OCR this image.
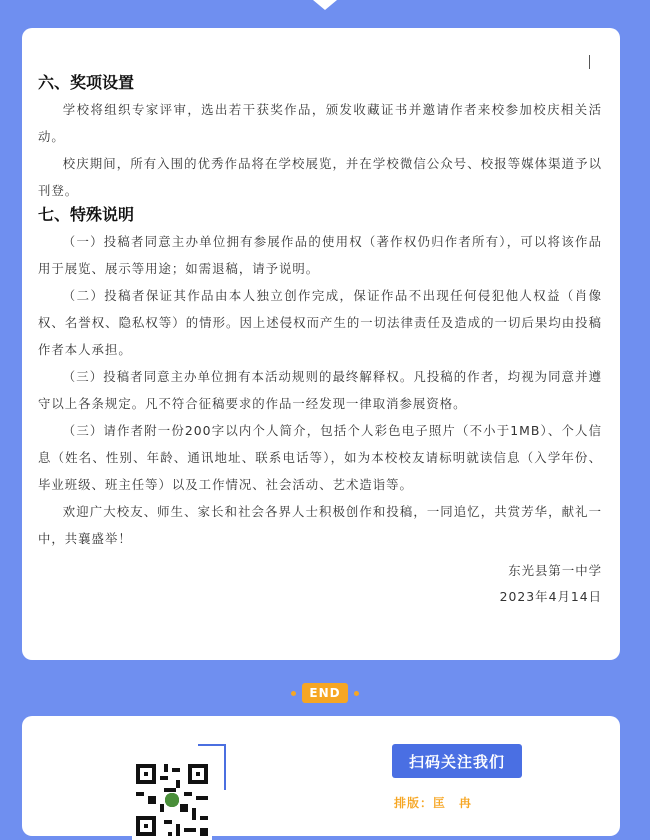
六、奖项设置

学校将组织专家评审，选出若干获奖作品，颁发收藏证书并邀请作者来校参加校庆相关活动。

校庆期间，所有入围的优秀作品将在学校展览，并在学校微信公众号、校报等媒体渠道予以刊登。

七、特殊说明

（一）投稿者同意主办单位拥有参展作品的使用权（著作权仍归作者所有），可以将该作品用于展览、展示等用途；如需退稿，请予说明。

（二）投稿者保证其作品由本人独立创作完成，保证作品不出现任何侵犯他人权益（肖像权、名誉权、隐私权等）的情形。因上述侵权而产生的一切法律责任及造成的一切后果均由投稿作者本人承担。

（三）投稿者同意主办单位拥有本活动规则的最终解释权。凡投稿的作者，均视为同意并遵守以上各条规定。凡不符合征稿要求的作品一经发现一律取消参展资格。

（三）请作者附一份200字以内个人简介，包括个人彩色电子照片（不小于1MB）、个人信息（姓名、性别、年龄、通讯地址、联系电话等），如为本校校友请标明就读信息（入学年份、毕业班级、班主任等）以及工作情况、社会活动、艺术造诣等。

欢迎广大校友、师生、家长和社会各界人士积极创作和投稿，一同追忆，共赏芳华，献礼一中，共襄盛举！

东光县第一中学

2023年4月14日

END
扫码关注我们
排版：匡　冉
